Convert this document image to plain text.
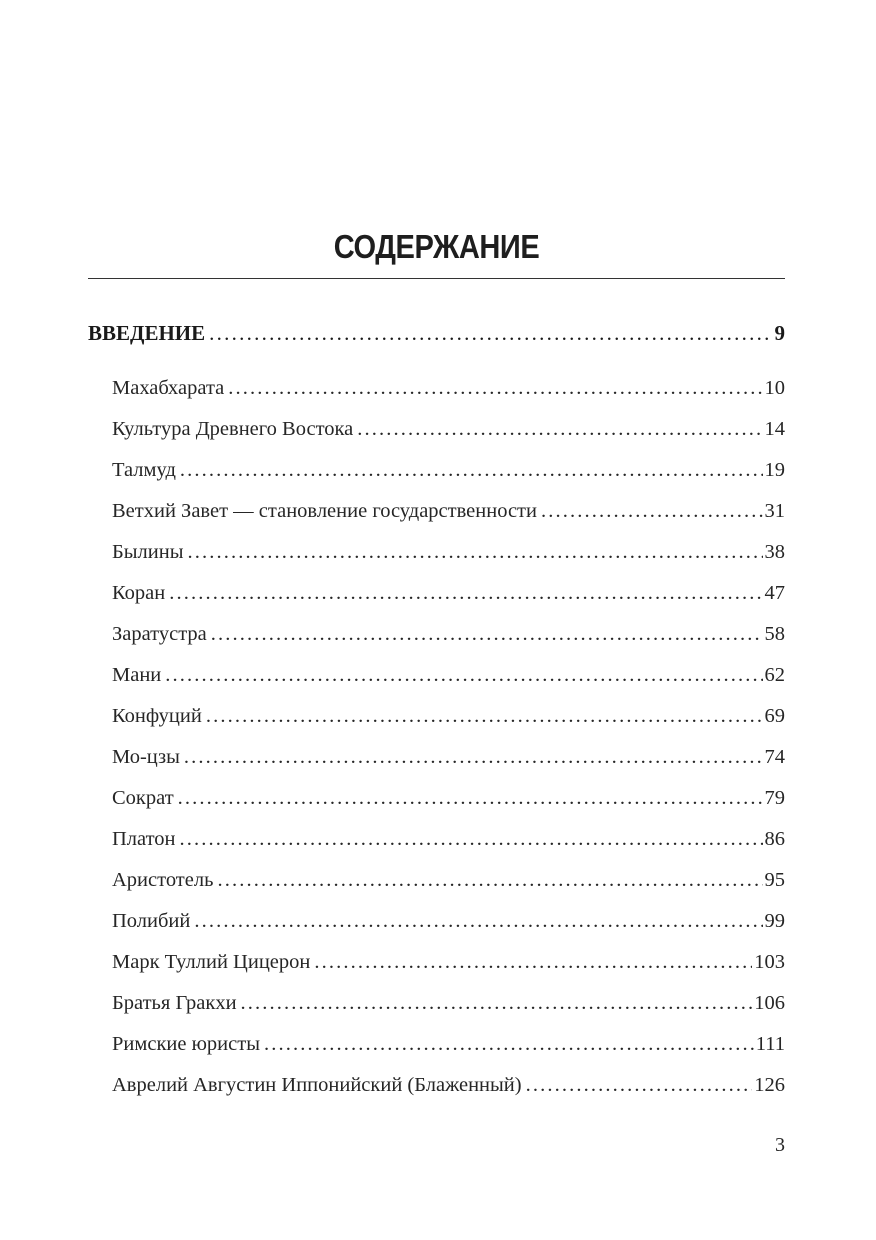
СОДЕРЖАНИЕ
ВВЕДЕНИЕ . . .	9
Махабхарата . . .	10
Культура Древнего Востока . . .	14
Талмуд . . .	19
Ветхий Завет — становление государственности . . .	31
Былины . . .	38
Коран . . .	47
Заратустра . . .	58
Мани . . .	62
Конфуций . . .	69
Мо-цзы . . .	74
Сократ . . .	79
Платон . . .	86
Аристотель . . .	95
Полибий . . .	99
Марк Туллий Цицерон . . .	103
Братья Гракхи . . .	106
Римские юристы . . .	111
Аврелий Августин Иппонийский (Блаженный) . . .	126
3
